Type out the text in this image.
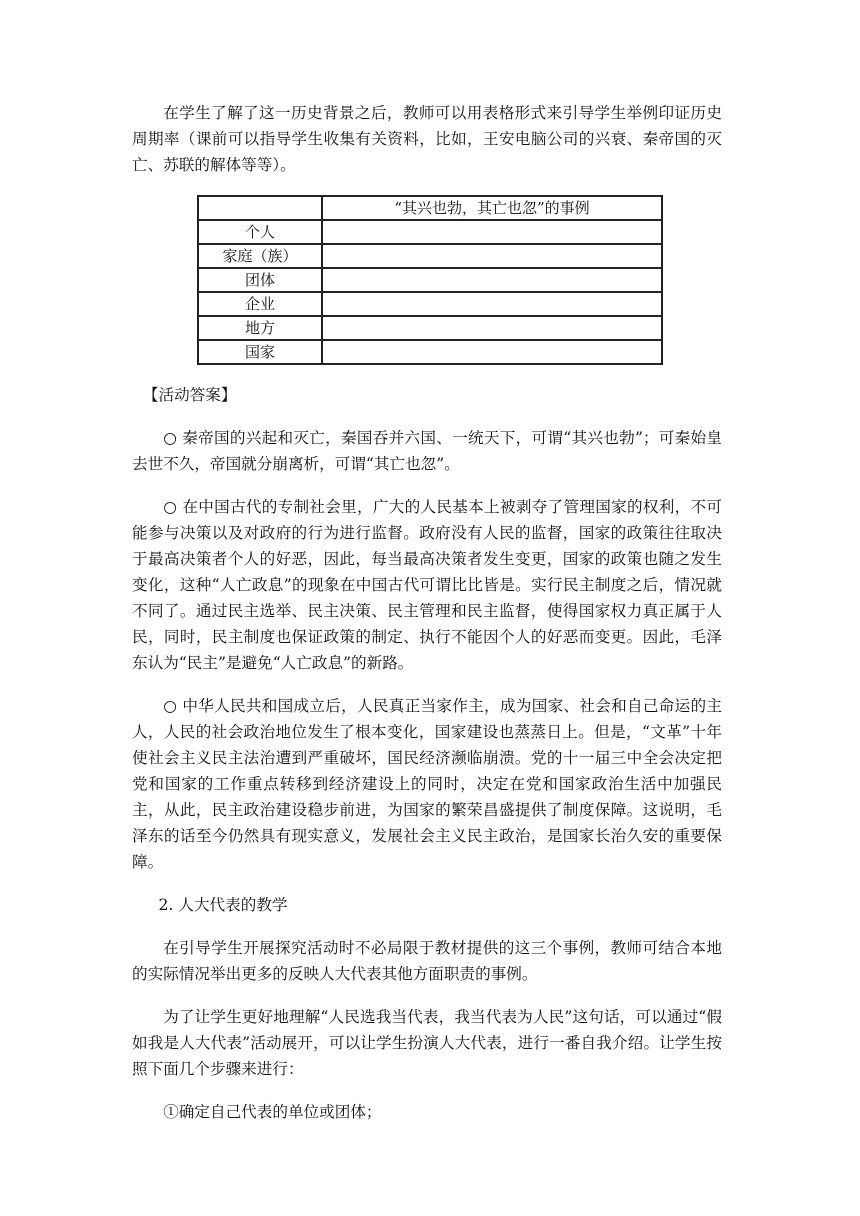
在学生了解了这一历史背景之后，教师可以用表格形式来引导学生举例印证历史周期率（课前可以指导学生收集有关资料，比如，王安电脑公司的兴衰、秦帝国的灭亡、苏联的解体等等）。

	“其兴也勃，其亡也忽”的事例
个人	
家庭（族）	
团体	
企业	
地方	
国家	

【活动答案】

○ 秦帝国的兴起和灭亡，秦国吞并六国、一统天下，可谓“其兴也勃”；可秦始皇去世不久，帝国就分崩离析，可谓“其亡也忽”。

○ 在中国古代的专制社会里，广大的人民基本上被剥夺了管理国家的权利，不可能参与决策以及对政府的行为进行监督。政府没有人民的监督，国家的政策往往取决于最高决策者个人的好恶，因此，每当最高决策者发生变更，国家的政策也随之发生变化，这种“人亡政息”的现象在中国古代可谓比比皆是。实行民主制度之后，情况就不同了。通过民主选举、民主决策、民主管理和民主监督，使得国家权力真正属于人民，同时，民主制度也保证政策的制定、执行不能因个人的好恶而变更。因此，毛泽东认为“民主”是避免“人亡政息”的新路。

○ 中华人民共和国成立后，人民真正当家作主，成为国家、社会和自己命运的主人，人民的社会政治地位发生了根本变化，国家建设也蒸蒸日上。但是，“文革”十年使社会主义民主法治遭到严重破坏，国民经济濒临崩溃。党的十一届三中全会决定把党和国家的工作重点转移到经济建设上的同时，决定在党和国家政治生活中加强民主，从此，民主政治建设稳步前进，为国家的繁荣昌盛提供了制度保障。这说明，毛泽东的话至今仍然具有现实意义，发展社会主义民主政治，是国家长治久安的重要保障。

2. 人大代表的教学

在引导学生开展探究活动时不必局限于教材提供的这三个事例，教师可结合本地的实际情况举出更多的反映人大代表其他方面职责的事例。

为了让学生更好地理解“人民选我当代表，我当代表为人民”这句话，可以通过“假如我是人大代表”活动展开，可以让学生扮演人大代表，进行一番自我介绍。让学生按照下面几个步骤来进行：

①确定自己代表的单位或团体；
